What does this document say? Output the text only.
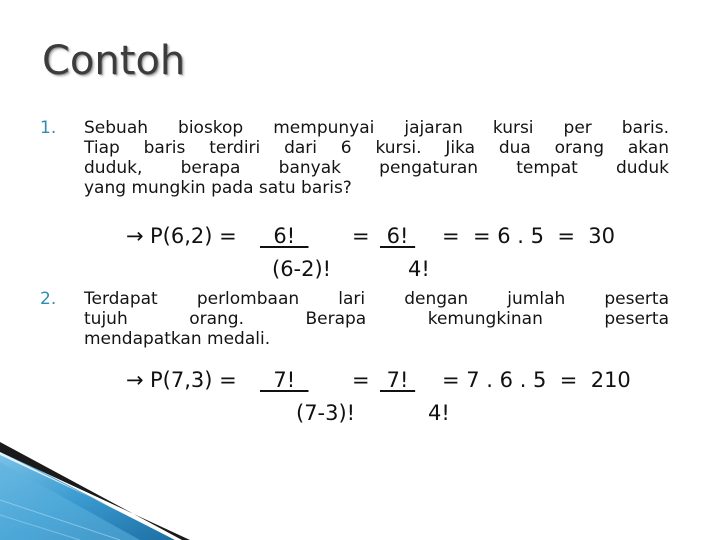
Contoh
1. Sebuah bioskop mempunyai jajaran kursi per baris.
Tiap baris terdiri dari 6 kursi. Jika dua orang akan
duduk, berapa banyak pengaturan tempat duduk
yang mungkin pada satu baris?
→ P(6,2) = 6! = 6! =  = 6 . 5  =  30
(6-2)!	4!
2. Terdapat perlombaan lari dengan jumlah peserta
tujuh orang. Berapa kemungkinan peserta
mendapatkan medali.
→ P(7,3) = 7! = 7! = 7 . 6 . 5  =  210
(7-3)!	4!
